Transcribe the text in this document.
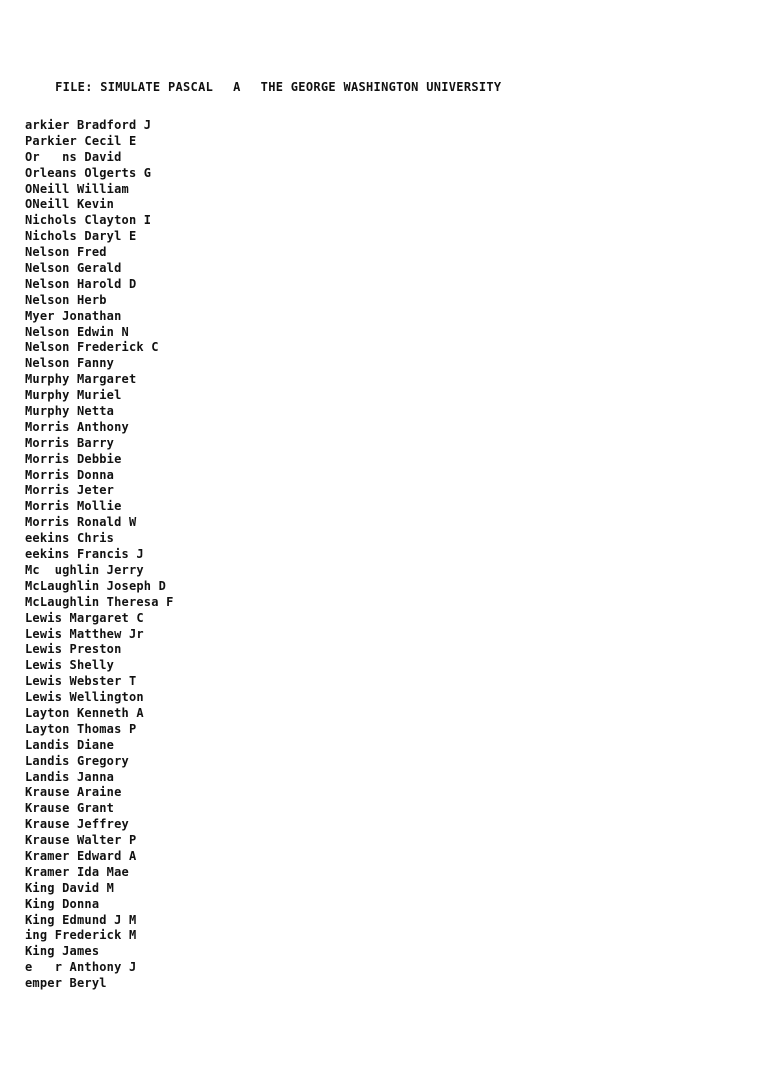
FILE: SIMULATE PASCAL A THE GEORGE WASHINGTON UNIVERSITY

arkier Bradford J
Parkier Cecil E
Or   ns David
Orleans Olgerts G
ONeill William
ONeill Kevin
Nichols Clayton I
Nichols Daryl E
Nelson Fred
Nelson Gerald
Nelson Harold D
Nelson Herb
Myer Jonathan
Nelson Edwin N
Nelson Frederick C
Nelson Fanny
Murphy Margaret
Murphy Muriel
Murphy Netta
Morris Anthony
Morris Barry
Morris Debbie
Morris Donna
Morris Jeter
Morris Mollie
Morris Ronald W
eekins Chris
eekins Francis J
Mc  ughlin Jerry
McLaughlin Joseph D
McLaughlin Theresa F
Lewis Margaret C
Lewis Matthew Jr
Lewis Preston
Lewis Shelly
Lewis Webster T
Lewis Wellington
Layton Kenneth A
Layton Thomas P
Landis Diane
Landis Gregory
Landis Janna
Krause Araine
Krause Grant
Krause Jeffrey
Krause Walter P
Kramer Edward A
Kramer Ida Mae
King David M
King Donna
King Edmund J M
ing Frederick M
King James
e   r Anthony J
emper Beryl
